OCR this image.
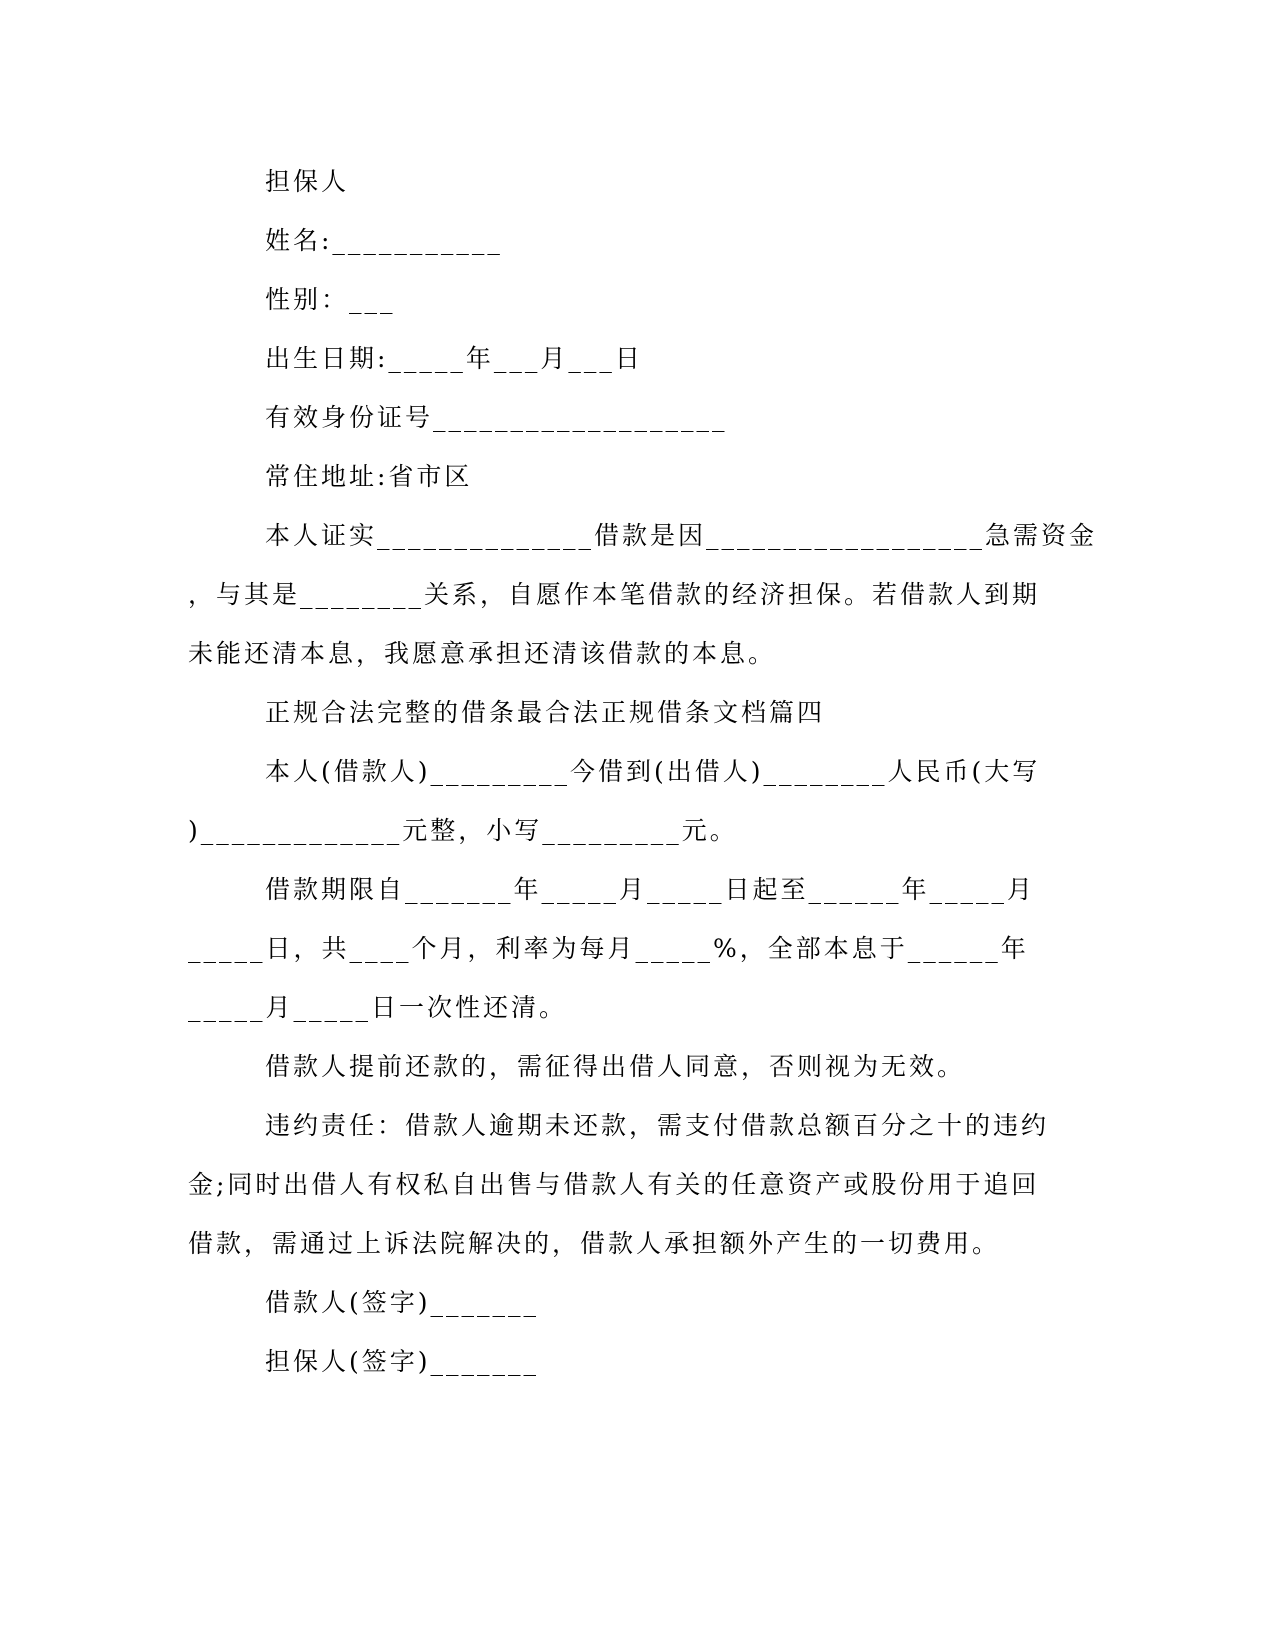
担保人
姓名:___________
性别：___
出生日期:_____年___月___日
有效身份证号___________________
常住地址:省市区
本人证实______________借款是因__________________急需资金
，与其是________关系，自愿作本笔借款的经济担保。若借款人到期
未能还清本息，我愿意承担还清该借款的本息。
正规合法完整的借条最合法正规借条文档篇四
本人(借款人)_________今借到(出借人)________人民币(大写
)_____________元整，小写_________元。
借款期限自_______年_____月_____日起至______年_____月
_____日，共____个月，利率为每月_____%，全部本息于______年
_____月_____日一次性还清。
借款人提前还款的，需征得出借人同意，否则视为无效。
违约责任：借款人逾期未还款，需支付借款总额百分之十的违约
金;同时出借人有权私自出售与借款人有关的任意资产或股份用于追回
借款，需通过上诉法院解决的，借款人承担额外产生的一切费用。
借款人(签字)_______
担保人(签字)_______
